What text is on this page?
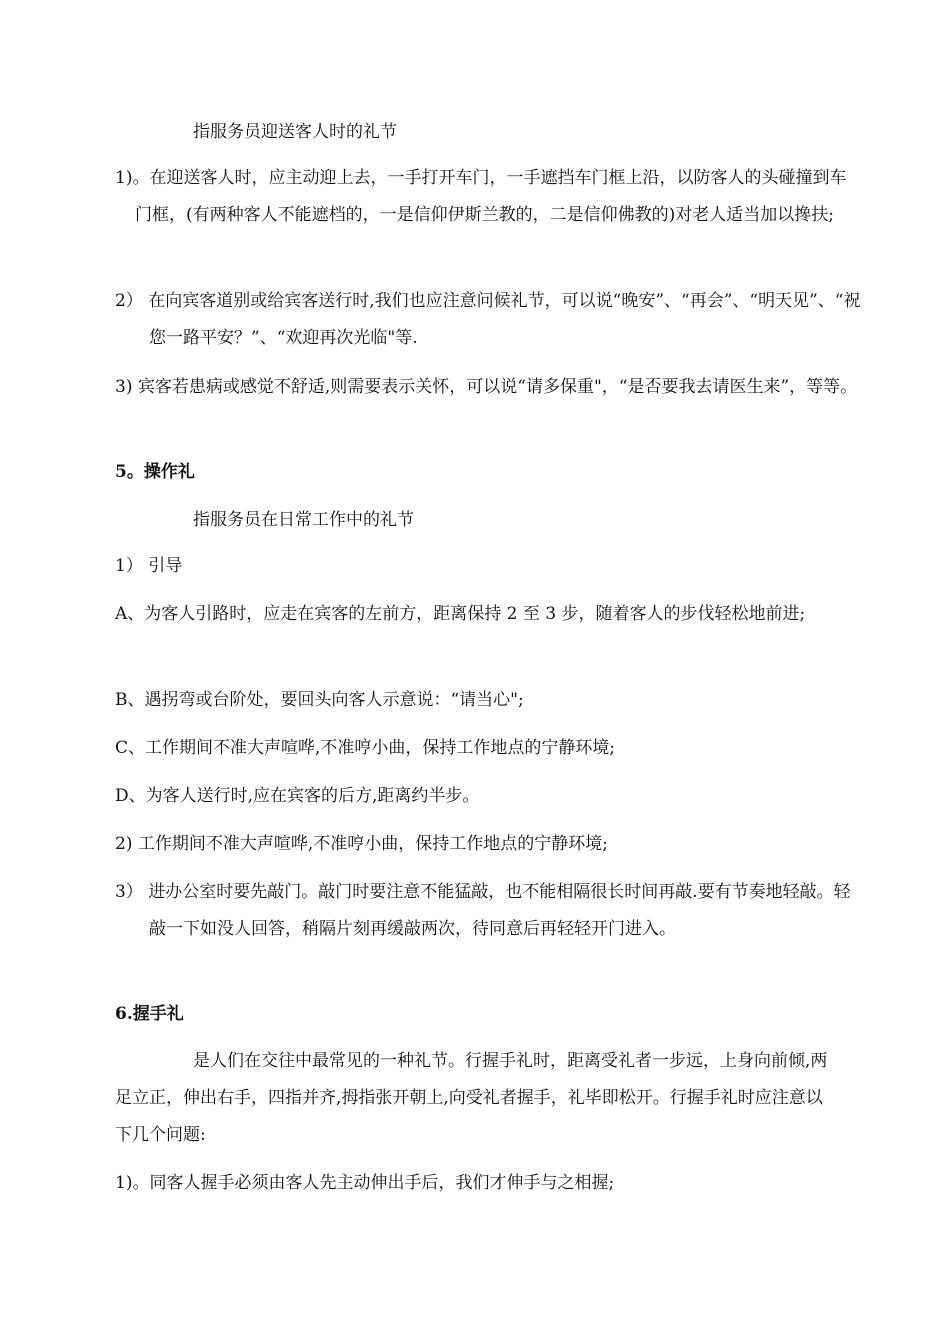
指服务员迎送客人时的礼节

1)。在迎送客人时，应主动迎上去，一手打开车门，一手遮挡车门框上沿，以防客人的头碰撞到车门框，(有两种客人不能遮档的，一是信仰伊斯兰教的，二是信仰佛教的)对老人适当加以搀扶;

2） 在向宾客道别或给宾客送行时,我们也应注意问候礼节，可以说“晚安”、“再会”、“明天见”、“祝您一路平安？”、“欢迎再次光临"等.

3) 宾客若患病或感觉不舒适,则需要表示关怀，可以说“请多保重"，“是否要我去请医生来”，等等。

5。操作礼

指服务员在日常工作中的礼节

1） 引导

A、为客人引路时，应走在宾客的左前方，距离保持 2 至 3 步，随着客人的步伐轻松地前进;

B、遇拐弯或台阶处，要回头向客人示意说：“请当心";

C、工作期间不准大声喧哗,不准哼小曲，保持工作地点的宁静环境;

D、为客人送行时,应在宾客的后方,距离约半步。

2) 工作期间不准大声喧哗,不准哼小曲，保持工作地点的宁静环境;

3） 进办公室时要先敲门。敲门时要注意不能猛敲，也不能相隔很长时间再敲.要有节奏地轻敲。轻敲一下如没人回答，稍隔片刻再缓敲两次，待同意后再轻轻开门进入。

6.握手礼

是人们在交往中最常见的一种礼节。行握手礼时，距离受礼者一步远，上身向前倾,两足立正，伸出右手，四指并齐,拇指张开朝上,向受礼者握手，礼毕即松开。行握手礼时应注意以下几个问题:

1)。同客人握手必须由客人先主动伸出手后，我们才伸手与之相握;
